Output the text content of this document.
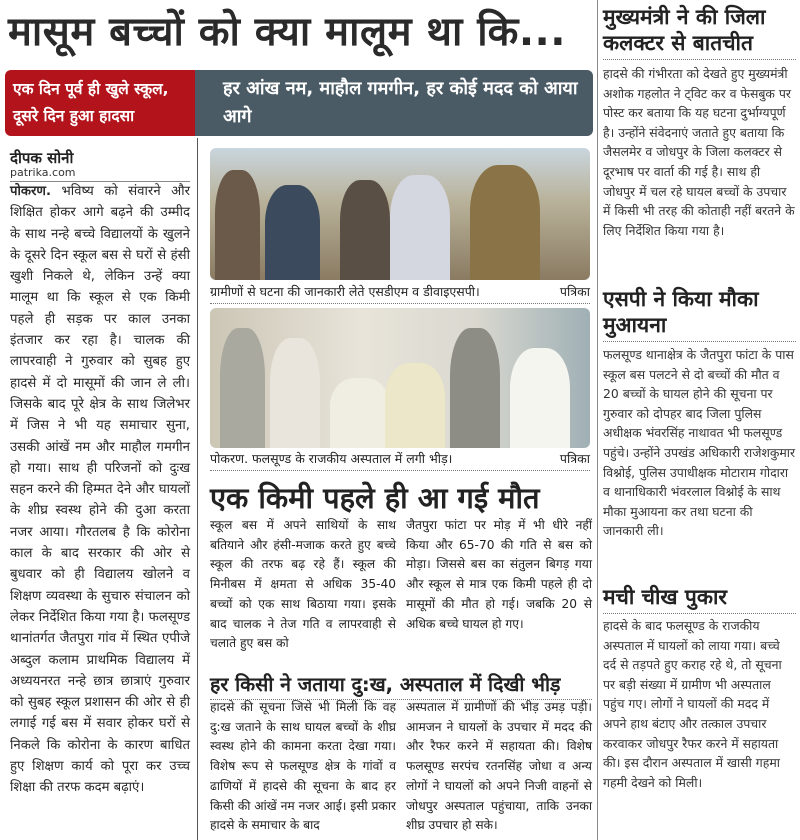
मासूम बच्चों को क्या मालूम था कि...
एक दिन पूर्व ही खुले स्कूल, दूसरे दिन हुआ हादसा
हर आंख नम, माहौल गमगीन, हर कोई मदद को आया आगे
दीपक सोनी
patrika.com
पोकरण. भविष्य को संवारने और शिक्षित होकर आगे बढ़ने की उम्मीद के साथ नन्हे बच्चे विद्यालयों के खुलने के दूसरे दिन स्कूल बस से घरों से हंसी खुशी निकले थे, लेकिन उन्हें क्या मालूम था कि स्कूल से एक किमी पहले ही सड़क पर काल उनका इंतजार कर रहा है। चालक की लापरवाही ने गुरुवार को सुबह हुए हादसे में दो मासूमों की जान ले ली। जिसके बाद पूरे क्षेत्र के साथ जिलेभर में जिस ने भी यह समाचार सुना, उसकी आंखें नम और माहौल गमगीन हो गया। साथ ही परिजनों को दुःख सहन करने की हिम्मत देने और घायलों के शीघ्र स्वस्थ होने की दुआ करता नजर आया। गौरतलब है कि कोरोना काल के बाद सरकार की ओर से बुधवार को ही विद्यालय खोलने व शिक्षण व्यवस्था के सुचारु संचालन को लेकर निर्देशित किया गया है। फलसूण्ड थानांतर्गत जैतपुरा गांव में स्थित एपीजे अब्दुल कलाम प्राथमिक विद्यालय में अध्ययनरत नन्हे छात्र छात्राएं गुरुवार को सुबह स्कूल प्रशासन की ओर से ही लगाई गई बस में सवार होकर घरों से निकले कि कोरोना के कारण बाधित हुए शिक्षण कार्य को पूरा कर उच्च शिक्षा की तरफ कदम बढ़ाएं।
ग्रामीणों से घटना की जानकारी लेते एसडीएम व डीवाइएसपी।	पत्रिका
पोकरण. फलसूण्ड के राजकीय अस्पताल में लगी भीड़।	पत्रिका
एक किमी पहले ही आ गई मौत
स्कूल बस में अपने साथियों के साथ बतियाने और हंसी-मजाक करते हुए बच्चे स्कूल की तरफ बढ़ रहे हैं। स्कूल की मिनीबस में क्षमता से अधिक 35-40 बच्चों को एक साथ बिठाया गया। इसके बाद चालक ने तेज गति व लापरवाही से चलाते हुए बस को
जैतपुरा फांटा पर मोड़ में भी धीरे नहीं किया और 65-70 की गति से बस को मोड़ा। जिससे बस का संतुलन बिगड़ गया और स्कूल से मात्र एक किमी पहले ही दो मासूमों की मौत हो गई। जबकि 20 से अधिक बच्चे घायल हो गए।
हर किसी ने जताया दु:ख, अस्पताल में दिखी भीड़
हादसे की सूचना जिसे भी मिली कि वह दु:ख जताने के साथ घायल बच्चों के शीघ्र स्वस्थ होने की कामना करता देखा गया। विशेष रूप से फलसूण्ड क्षेत्र के गांवों व ढाणियों में हादसे की सूचना के बाद हर किसी की आंखें नम नजर आई। इसी प्रकार हादसे के समाचार के बाद
अस्पताल में ग्रामीणों की भीड़ उमड़ पड़ी। आमजन ने घायलों के उपचार में मदद की और रैफर करने में सहायता की। विशेष फलसूण्ड सरपंच रतनसिंह जोधा व अन्य लोगों ने घायलों को अपने निजी वाहनों से जोधपुर अस्पताल पहुंचाया, ताकि उनका शीघ्र उपचार हो सके।
मुख्यमंत्री ने की जिला कलक्टर से बातचीत
हादसे की गंभीरता को देखते हुए मुख्यमंत्री अशोक गहलोत ने ट्विट कर व फेसबुक पर पोस्ट कर बताया कि यह घटना दुर्भाग्यपूर्ण है। उन्होंने संवेदनाएं जताते हुए बताया कि जैसलमेर व जोधपुर के जिला कलक्टर से दूरभाष पर वार्ता की गई है। साथ ही जोधपुर में चल रहे घायल बच्चों के उपचार में किसी भी तरह की कोताही नहीं बरतने के लिए निर्देशित किया गया है।
एसपी ने किया मौका मुआयना
फलसूण्ड थानाक्षेत्र के जैतपुरा फांटा के पास स्कूल बस पलटने से दो बच्चों की मौत व 20 बच्चों के घायल होने की सूचना पर गुरुवार को दोपहर बाद जिला पुलिस अधीक्षक भंवरसिंह नाथावत भी फलसूण्ड पहुंचे। उन्होंने उपखंड अधिकारी राजेशकुमार विश्नोई, पुलिस उपाधीक्षक मोटाराम गोदारा व थानाधिकारी भंवरलाल विश्नोई के साथ मौका मुआयना कर तथा घटना की जानकारी ली।
मची चीख पुकार
हादसे के बाद फलसूण्ड के राजकीय अस्पताल में घायलों को लाया गया। बच्चे दर्द से तड़पते हुए कराह रहे थे, तो सूचना पर बड़ी संख्या में ग्रामीण भी अस्पताल पहुंच गए। लोगों ने घायलों की मदद में अपने हाथ बंटाए और तत्काल उपचार करवाकर जोधपुर रैफर करने में सहायता की। इस दौरान अस्पताल में खासी गहमा गहमी देखने को मिली।
